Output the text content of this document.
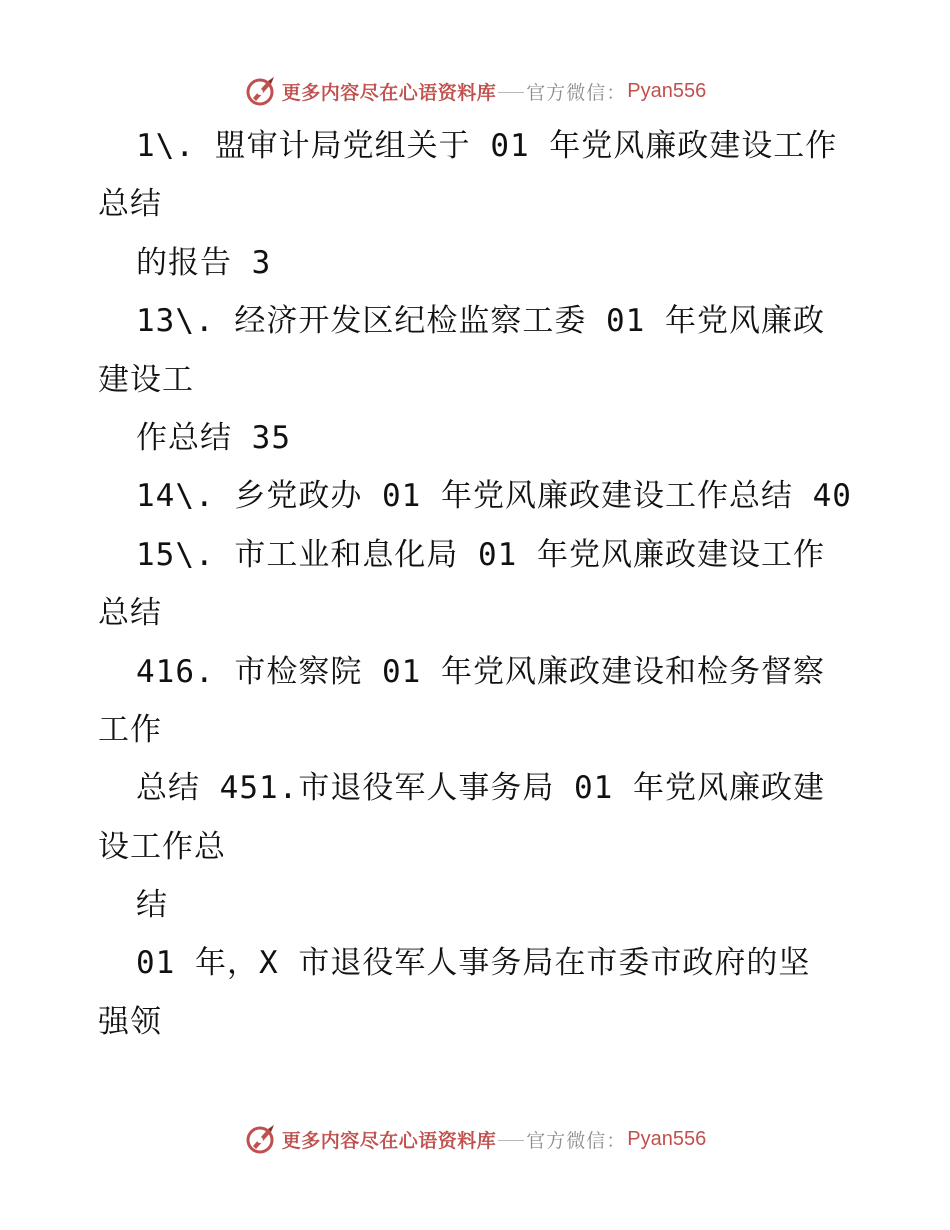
更多内容尽在心语资料库 官方微信 ： Pyan556
1\. 盟审计局党组关于 01 年党风廉政建设工作
总结
的报告 3
13\. 经济开发区纪检监察工委 01 年党风廉政
建设工
作总结 35
14\. 乡党政办 01 年党风廉政建设工作总结 40
15\. 市工业和息化局 01 年党风廉政建设工作
总结
416. 市检察院 01 年党风廉政建设和检务督察
工作
总结 451.市退役军人事务局 01 年党风廉政建
设工作总
结
01 年，X 市退役军人事务局在市委市政府的坚
强领
更多内容尽在心语资料库 官方微信 ： Pyan556
